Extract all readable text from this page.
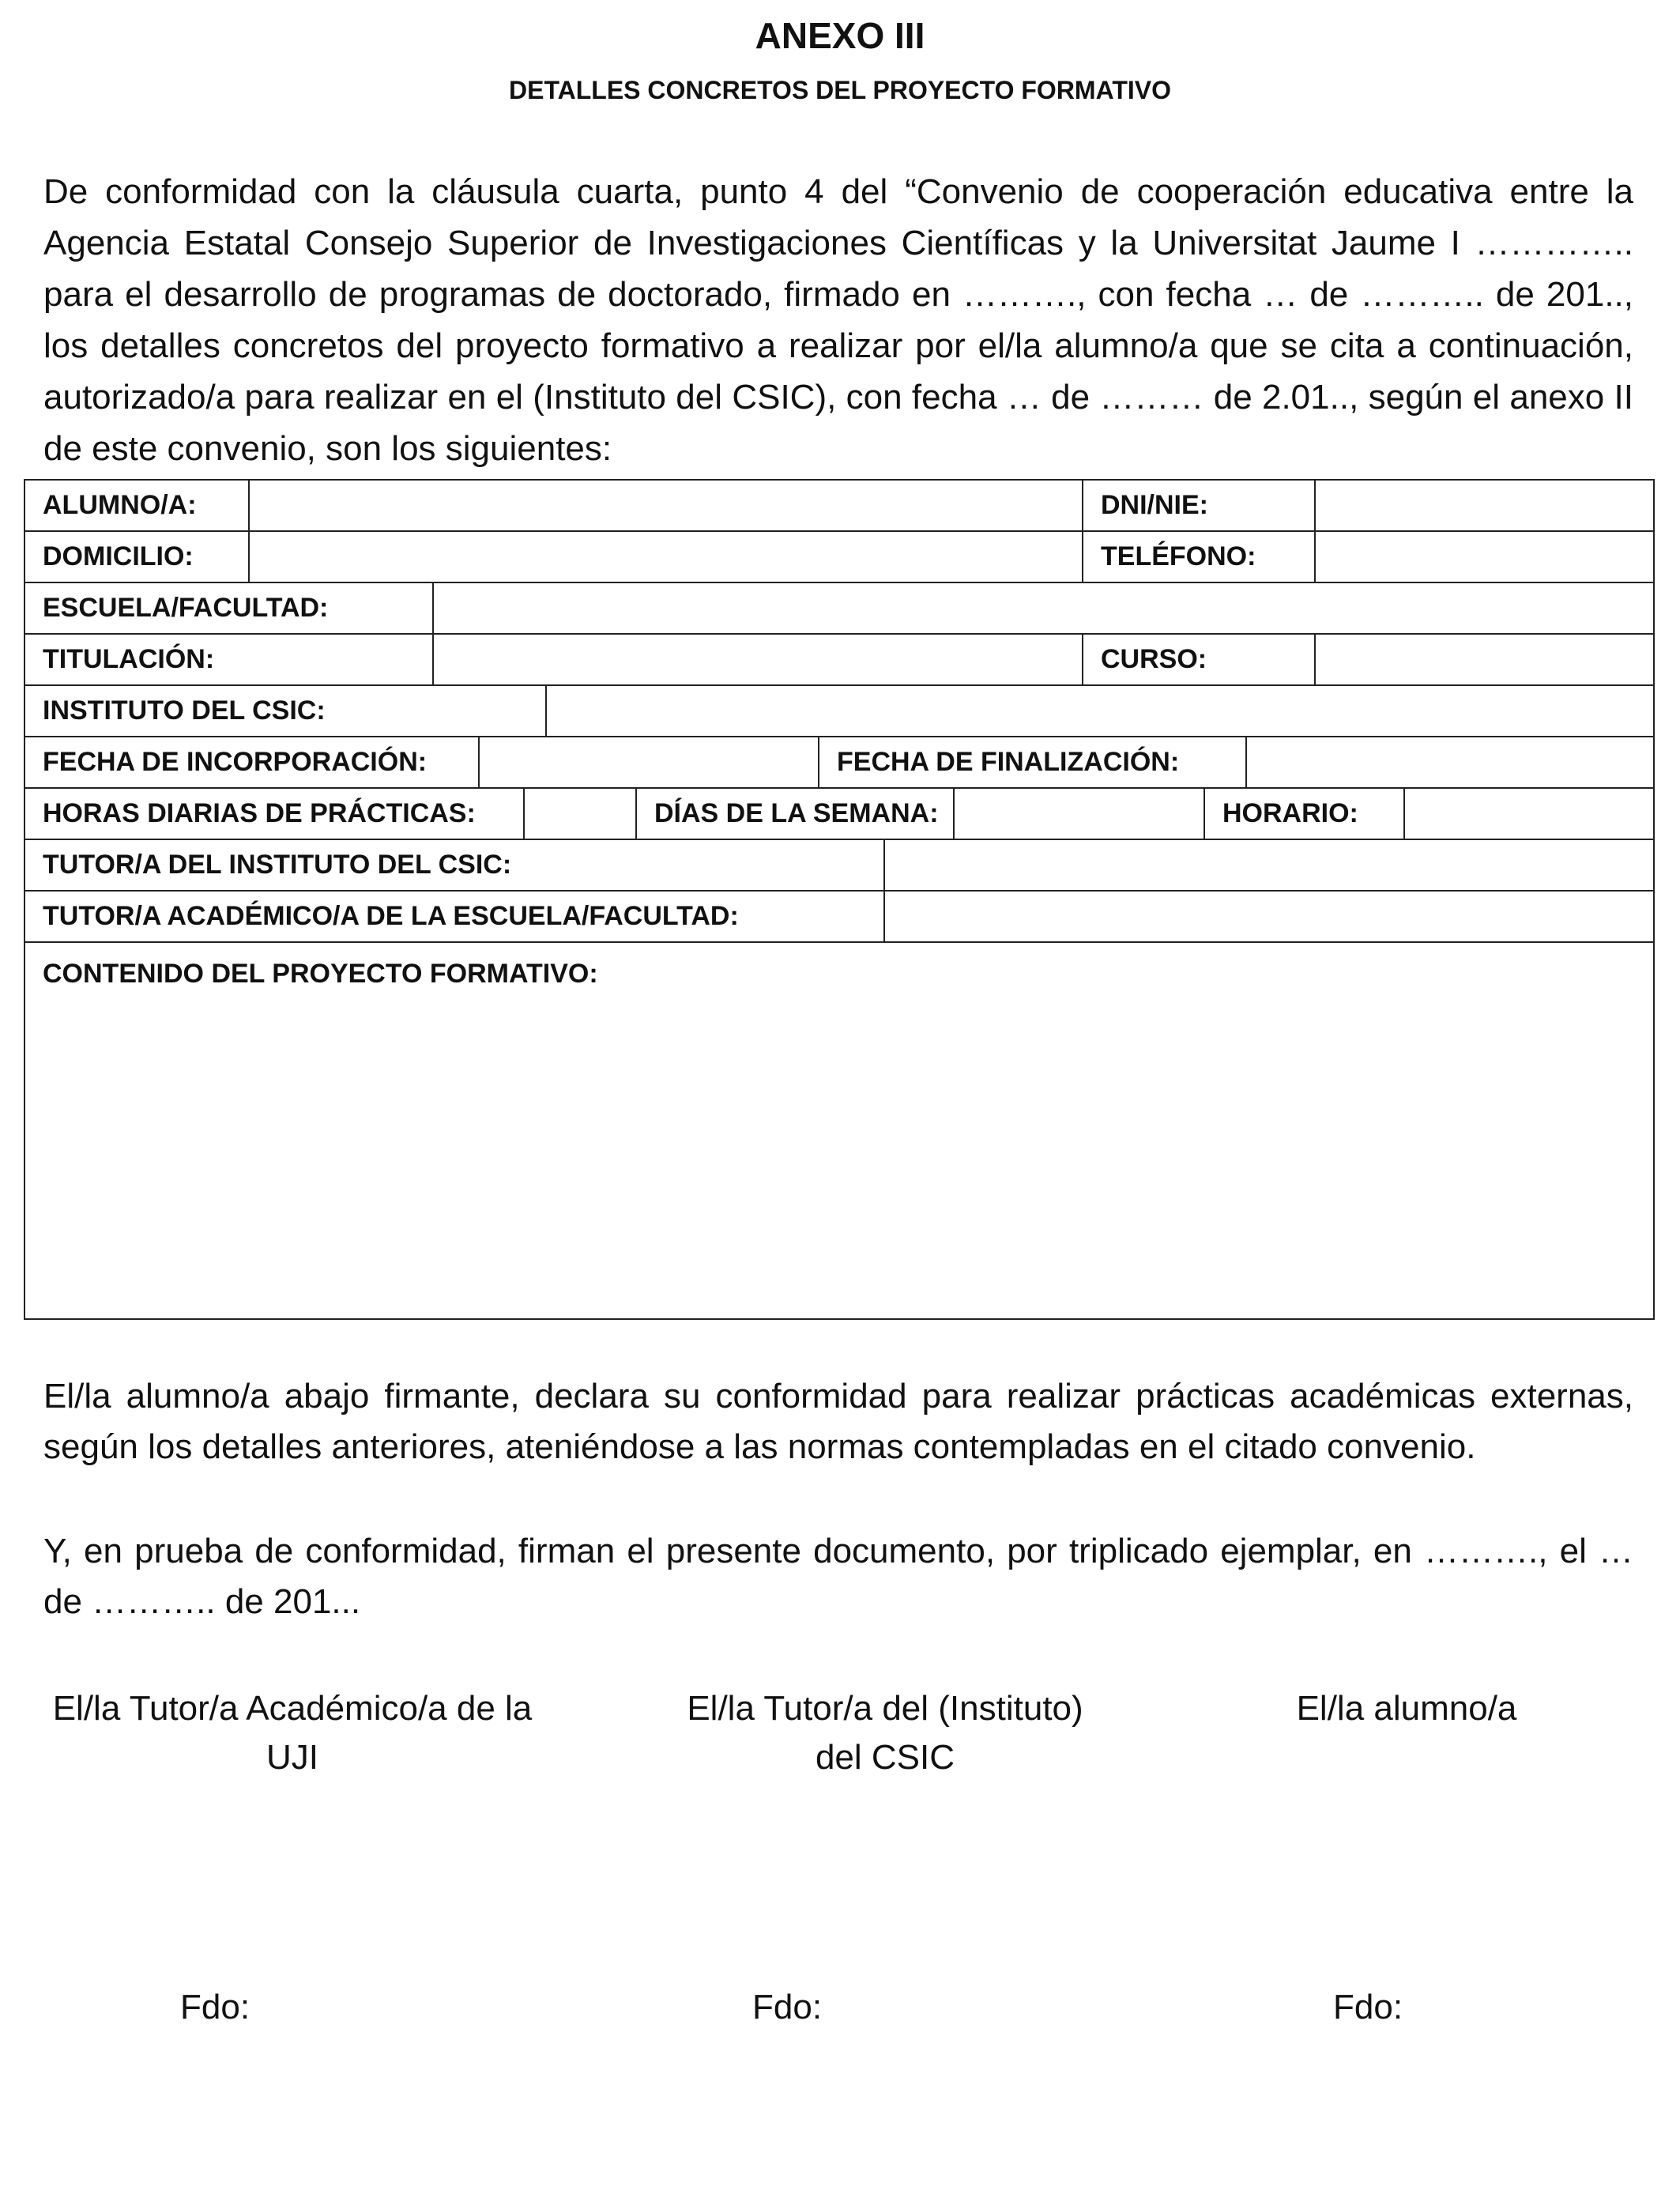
ANEXO III
DETALLES CONCRETOS DEL PROYECTO FORMATIVO

De conformidad con la cláusula cuarta, punto 4 del “Convenio de cooperación educativa entre la Agencia Estatal Consejo Superior de Investigaciones Científicas y la Universitat Jaume I ………….. para el desarrollo de programas de doctorado, firmado en ………., con fecha … de ……….. de 201.., los detalles concretos del proyecto formativo a realizar por el/la alumno/a que se cita a continuación, autorizado/a para realizar en el (Instituto del CSIC), con fecha … de ……… de 2.01.., según el anexo II de este convenio, son los siguientes:

ALUMNO/A:		DNI/NIE:	
DOMICILIO:		TELÉFONO:	
ESCUELA/FACULTAD:	
TITULACIÓN:		CURSO:	
INSTITUTO DEL CSIC:	
FECHA DE INCORPORACIÓN:		FECHA DE FINALIZACIÓN:	
HORAS DIARIAS DE PRÁCTICAS:		DÍAS DE LA SEMANA:		HORARIO:	
TUTOR/A DEL INSTITUTO DEL CSIC:	
TUTOR/A ACADÉMICO/A DE LA ESCUELA/FACULTAD:	
CONTENIDO DEL PROYECTO FORMATIVO:

El/la alumno/a abajo firmante, declara su conformidad para realizar prácticas académicas externas, según los detalles anteriores, ateniéndose a las normas contempladas en el citado convenio.

Y, en prueba de conformidad, firman el presente documento, por triplicado ejemplar, en ………., el … de ……….. de 201...

El/la Tutor/a Académico/a de la UJI
El/la Tutor/a del (Instituto)
del CSIC
El/la alumno/a
Fdo:	Fdo:	Fdo:
